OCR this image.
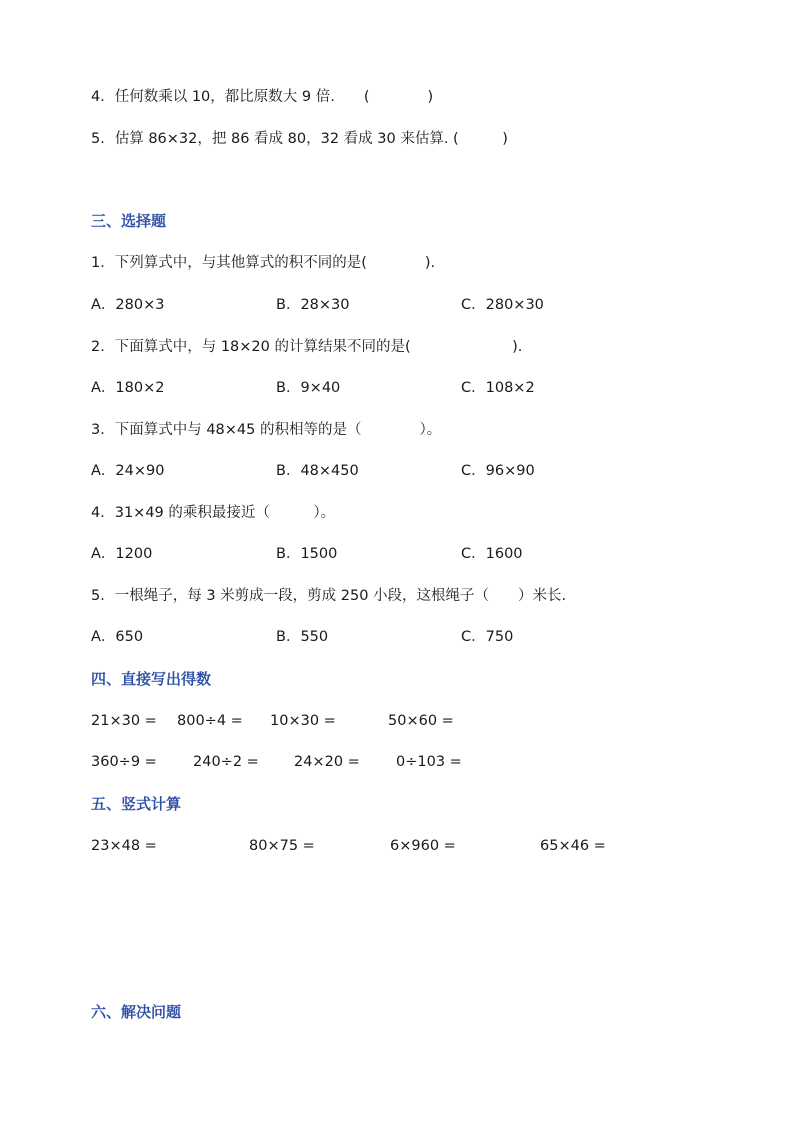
4．任何数乘以 10，都比原数大 9 倍.　　(　　　　)
5．估算 86×32，把 86 看成 80，32 看成 30 来估算. (　　　)
三、选择题
1．下列算式中，与其他算式的积不同的是(　　　　).
A．280×3	B．28×30	C．280×30
2．下面算式中，与 18×20 的计算结果不同的是(　　　　　　　).
A．180×2	B．9×40	C．108×2
3．下面算式中与 48×45 的积相等的是（　　　　）。
A．24×90	B．48×450	C．96×90
4．31×49 的乘积最接近（　　　）。
A．1200	B．1500	C．1600
5．一根绳子，每 3 米剪成一段，剪成 250 小段，这根绳子（　　）米长.
A．650	B．550	C．750
四、直接写出得数
21×30 = 800÷4 = 10×30 =	50×60 =
360÷9 = 240÷2 = 24×20 = 0÷103 =
五、竖式计算
23×48 =	80×75 =	6×960 =	65×46 =
六、解决问题
